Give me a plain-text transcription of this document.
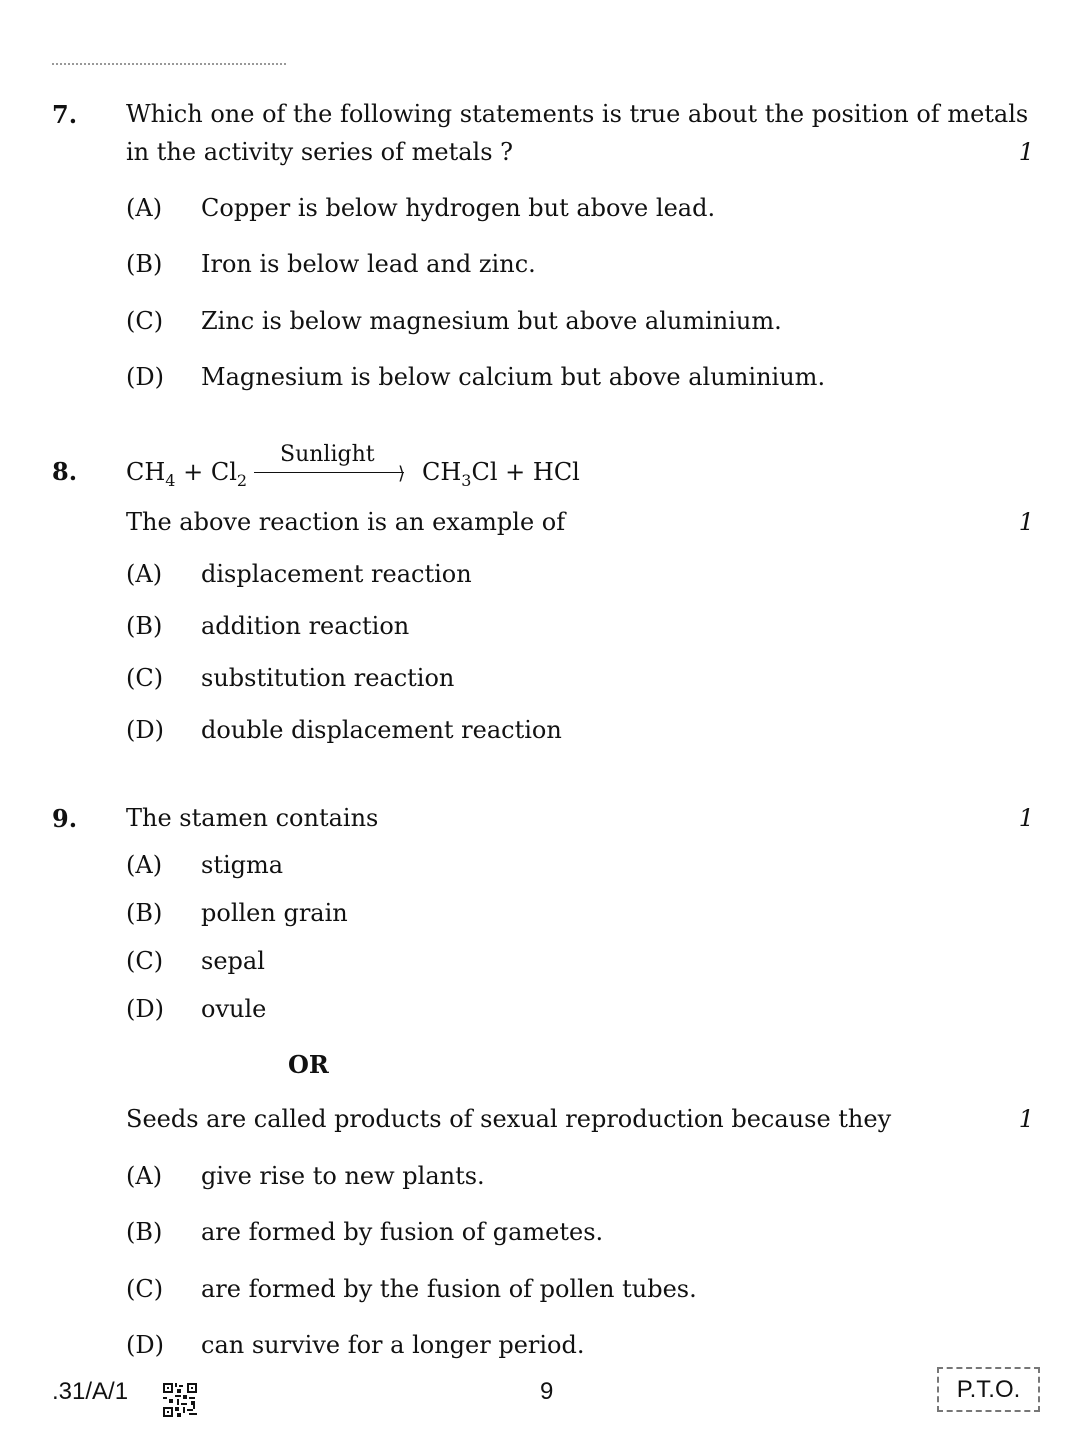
7. Which one of the following statements is true about the position of metals
in the activity series of metals ?	1
(A) Copper is below hydrogen but above lead.
(B) Iron is below lead and zinc.
(C) Zinc is below magnesium but above aluminium.
(D) Magnesium is below calcium but above aluminium.
8. $CH_4 + Cl_2$
Sunlight
⟩ $CH_3Cl$ + HCl
The above reaction is an example of	1
(A) displacement reaction
(B) addition reaction
(C) substitution reaction
(D) double displacement reaction
9. The stamen contains	1
(A) stigma
(B) pollen grain
(C) sepal
(D) ovule
OR
Seeds are called products of sexual reproduction because they	1
(A) give rise to new plants.
(B) are formed by fusion of gametes.
(C) are formed by the fusion of pollen tubes.
(D) can survive for a longer period.
.31/A/1	9	P.T.O.
